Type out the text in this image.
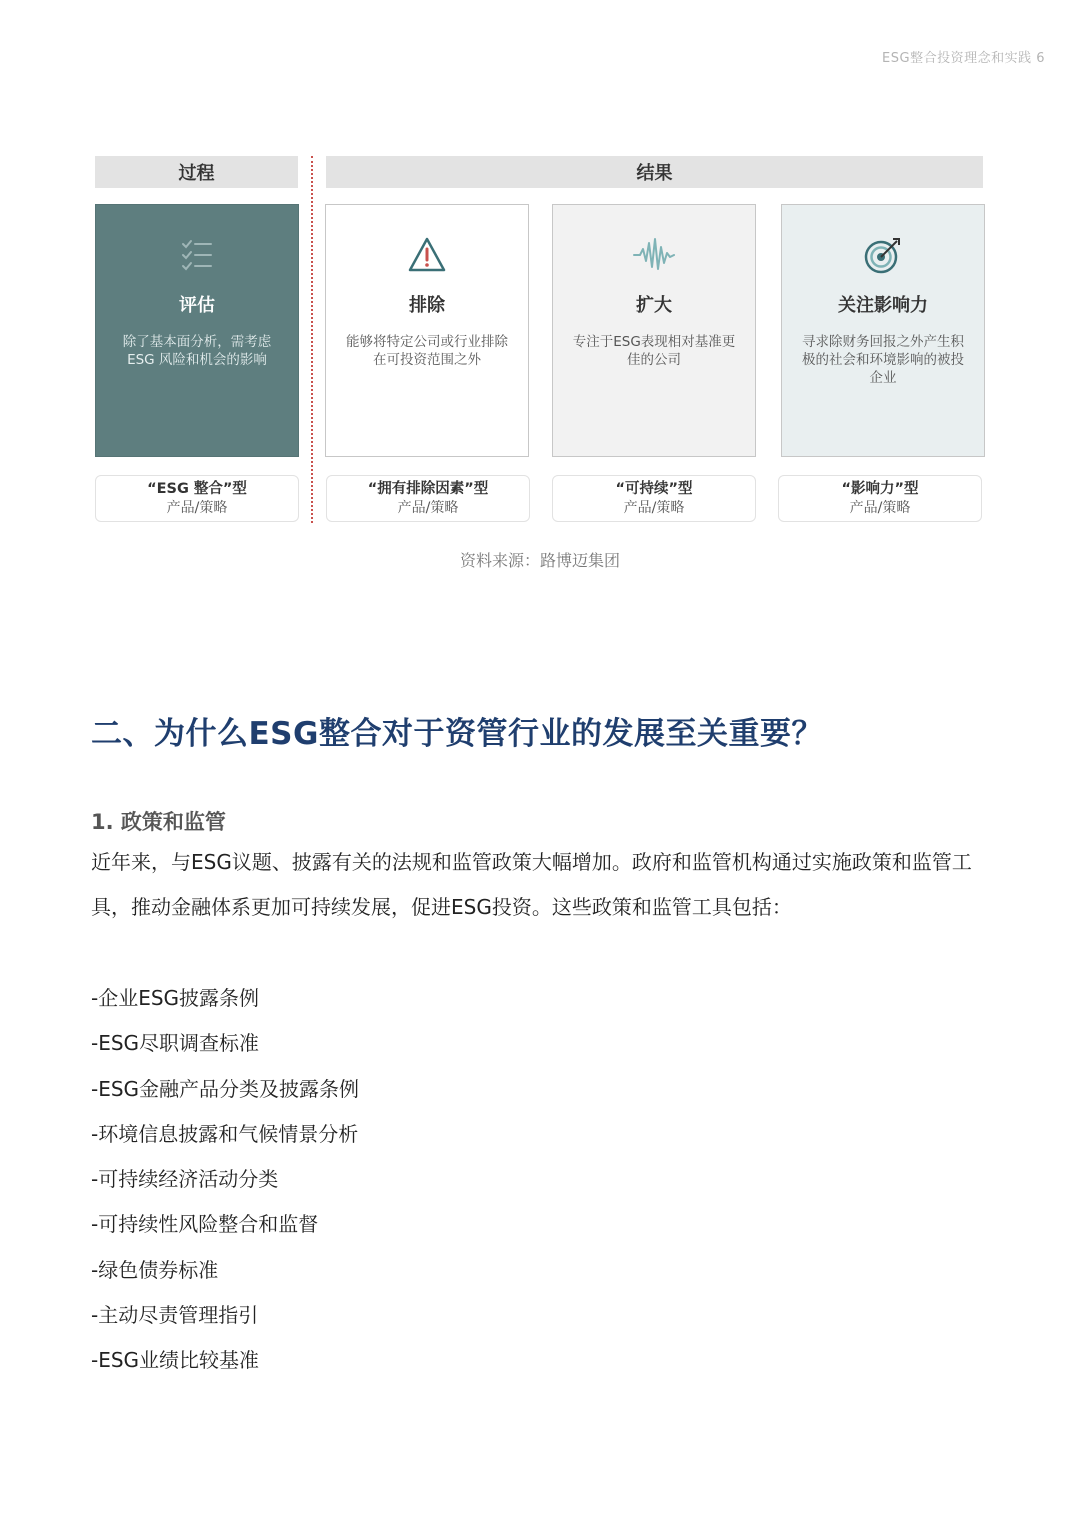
ESG整合投资理念和实践 6
过程	结果
评估
除了基本面分析，需考虑ESG 风险和机会的影响
排除
能够将特定公司或行业排除在可投资范围之外
扩大
专注于ESG表现相对基准更佳的公司
关注影响力
寻求除财务回报之外产生积极的社会和环境影响的被投企业
“ESG 整合”型
产品/策略
“拥有排除因素”型
产品/策略
“可持续”型
产品/策略
“影响力”型
产品/策略
资料来源：路博迈集团
二、为什么ESG整合对于资管行业的发展至关重要？
1. 政策和监管

近年来，与ESG议题、披露有关的法规和监管政策大幅增加。政府和监管机构通过实施政策和监管工具，推动金融体系更加可持续发展，促进ESG投资。这些政策和监管工具包括：

-企业ESG披露条例
-ESG尽职调查标准
-ESG金融产品分类及披露条例
-环境信息披露和气候情景分析
-可持续经济活动分类
-可持续性风险整合和监督
-绿色债券标准
-主动尽责管理指引
-ESG业绩比较基准
